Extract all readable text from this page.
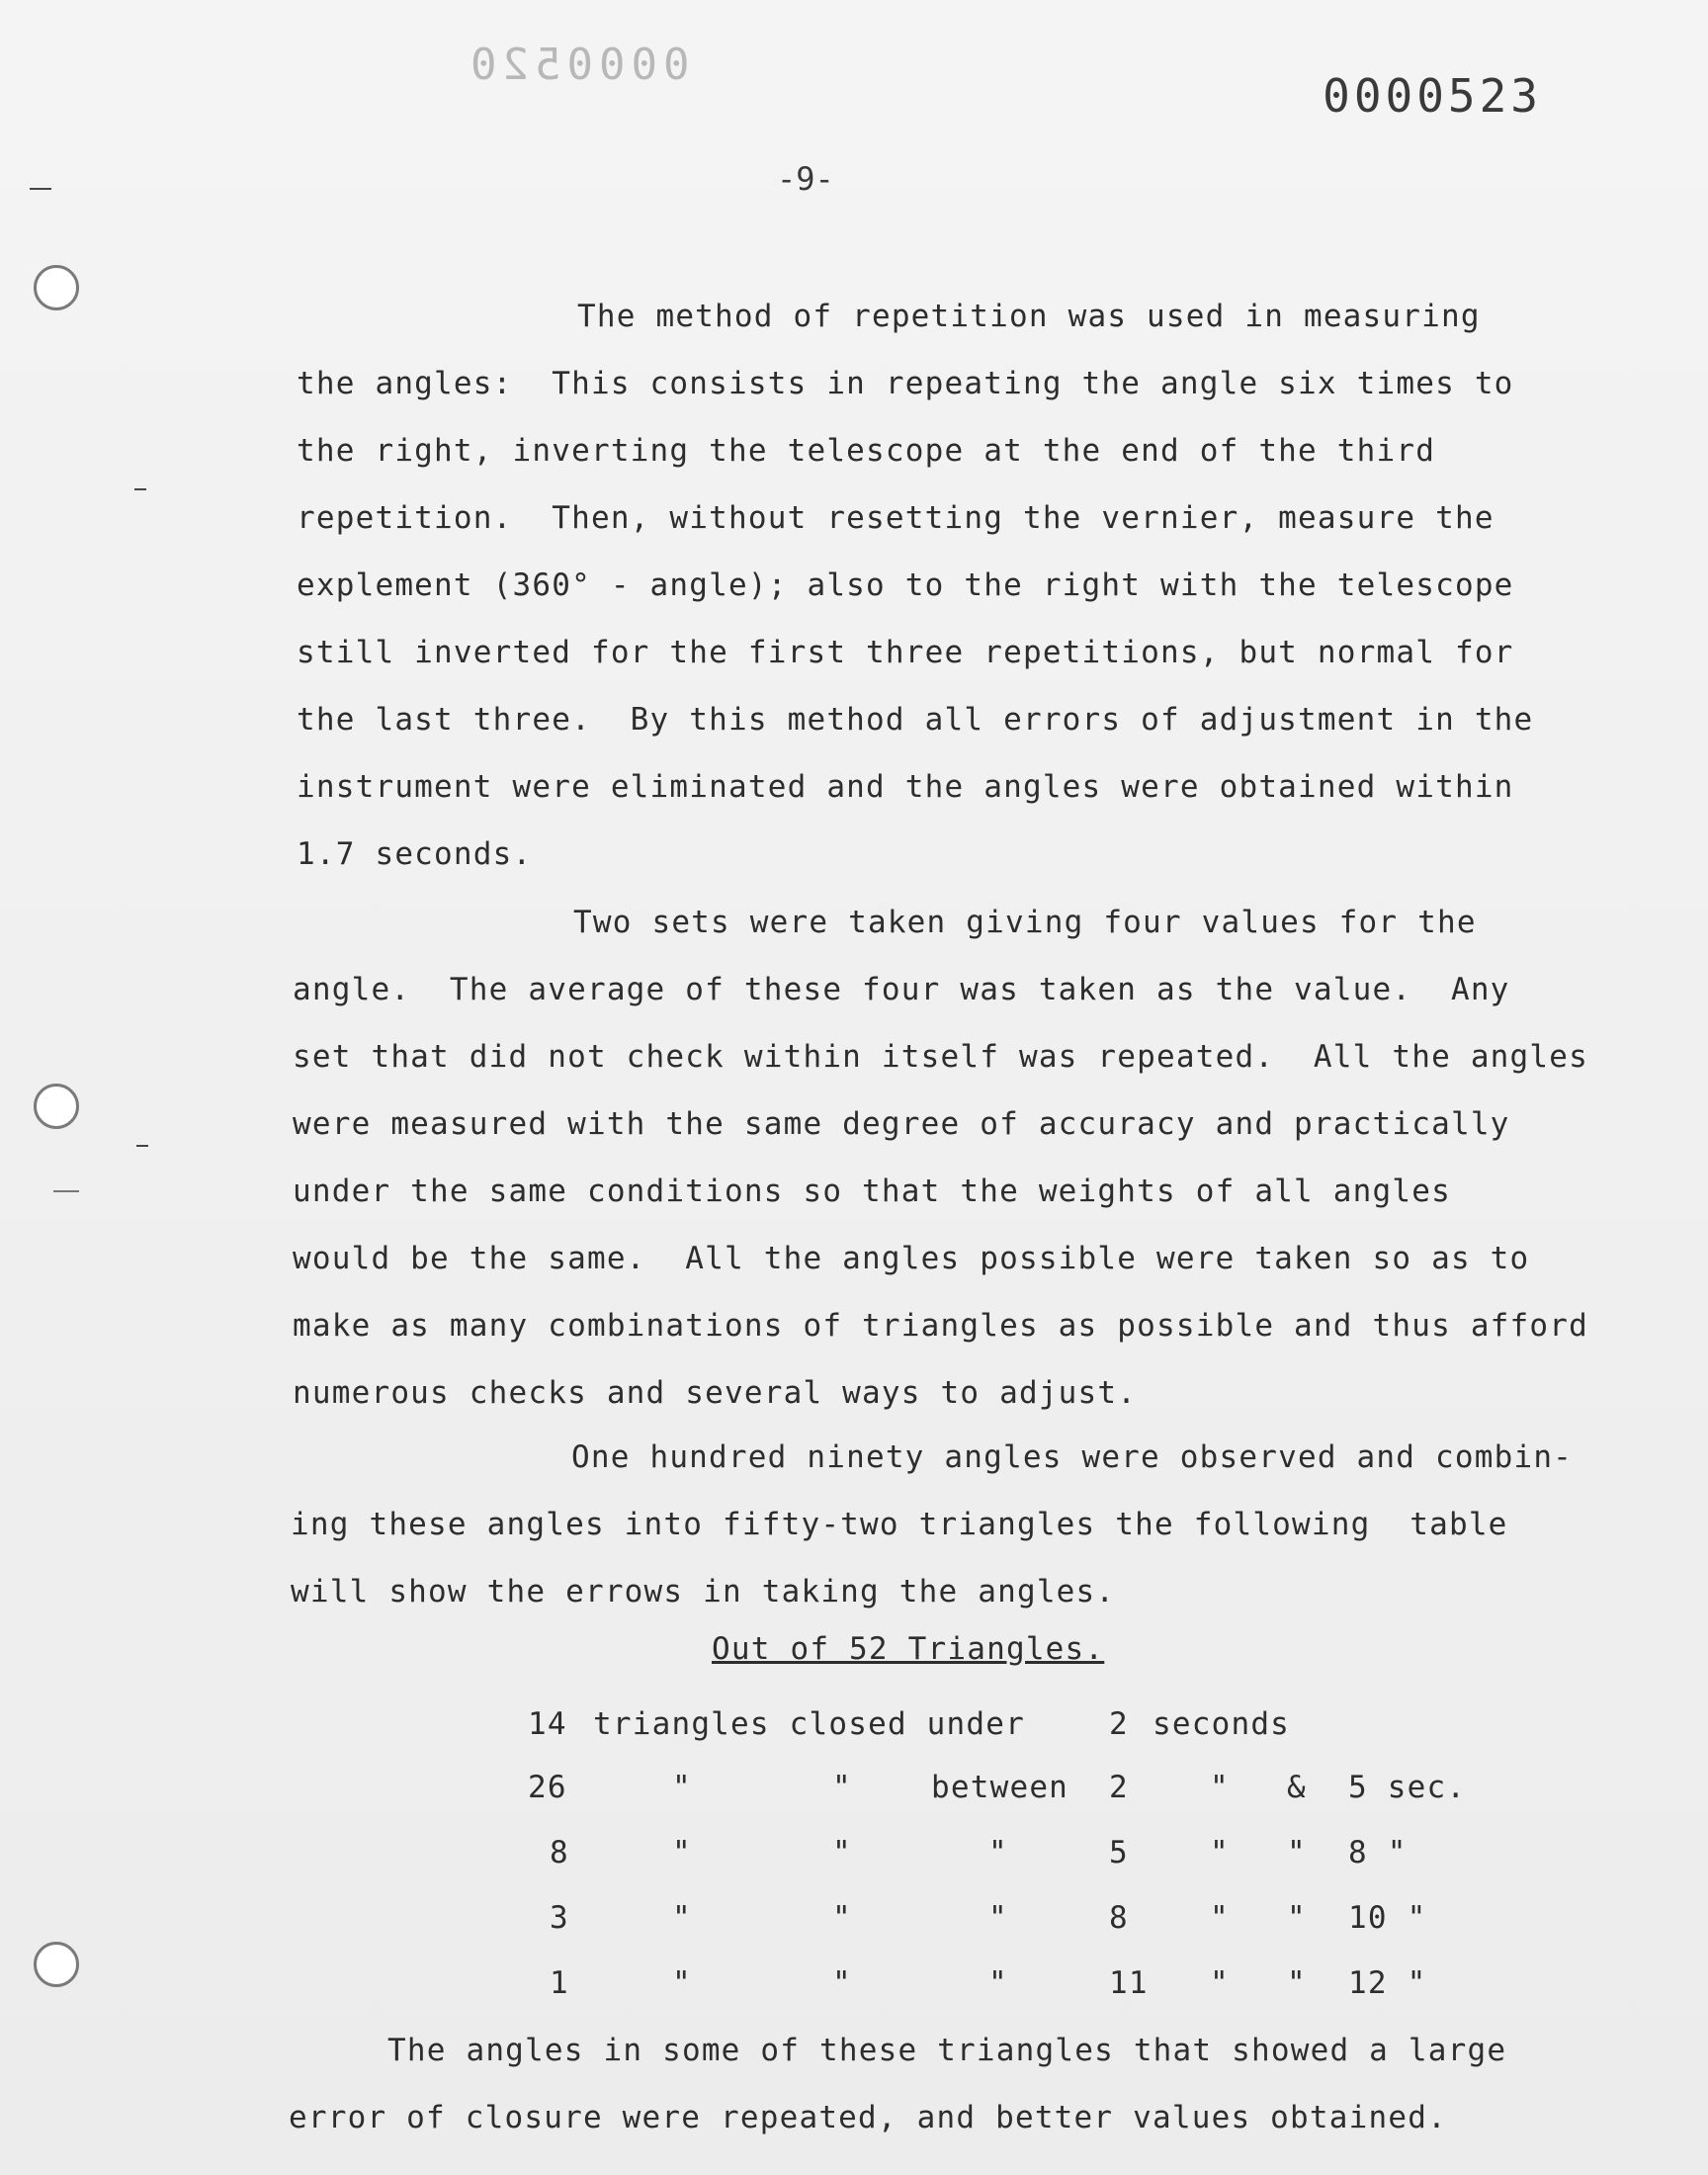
0000520
0000523
-9-
The method of repetition was used in measuring
the angles:  This consists in repeating the angle six times to
the right, inverting the telescope at the end of the third
repetition.  Then, without resetting the vernier, measure the
explement (360° - angle); also to the right with the telescope
still inverted for the first three repetitions, but normal for
the last three.  By this method all errors of adjustment in the
instrument were eliminated and the angles were obtained within
1.7 seconds.
Two sets were taken giving four values for the
angle.  The average of these four was taken as the value.  Any
set that did not check within itself was repeated.  All the angles
were measured with the same degree of accuracy and practically
under the same conditions so that the weights of all angles
would be the same.  All the angles possible were taken so as to
make as many combinations of triangles as possible and thus afford
numerous checks and several ways to adjust.
One hundred ninety angles were observed and combin-
ing these angles into fifty-two triangles the following  table
will show the errows in taking the angles.

Out of 52 Triangles.

14 triangles closed under	2 seconds
26	"	"	between 2	" & 5 sec.
8	"	"	"	5	" " 8 "
3	"	"	"	8	" " 10 "
1	"	"	"	11 " " 12 "
The angles in some of these triangles that showed a large
error of closure were repeated, and better values obtained.
